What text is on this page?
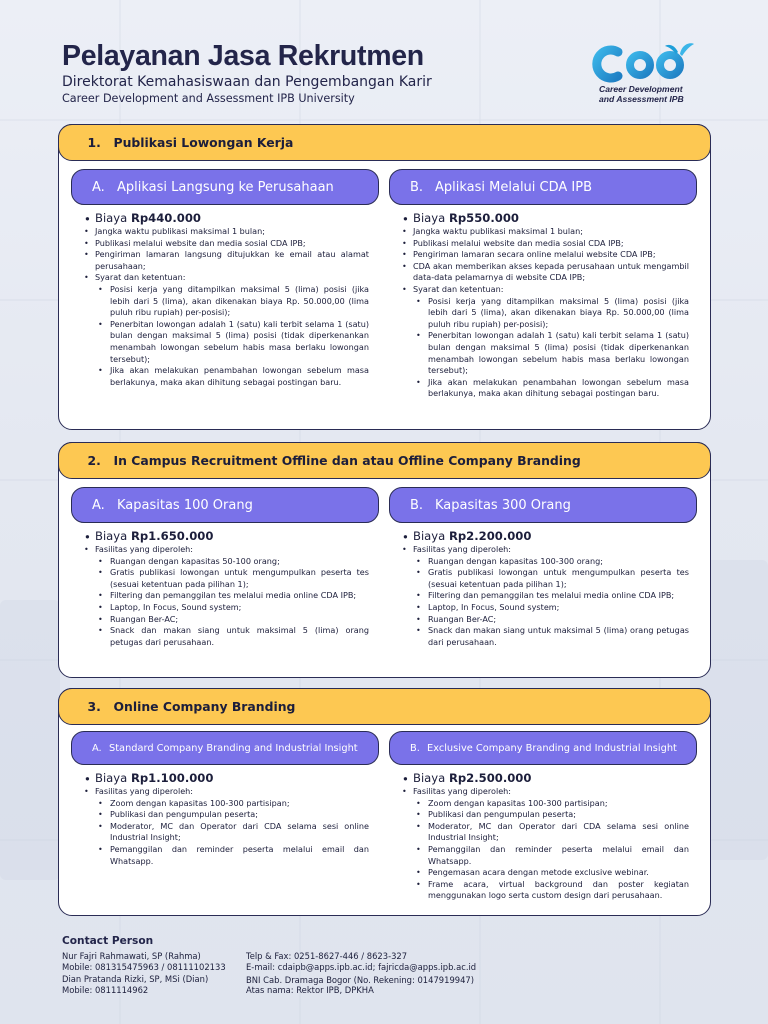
Pelayanan Jasa Rekrutmen
Direktorat Kemahasiswaan dan Pengembangan Karir
Career Development and Assessment IPB University
Career Development
and Assessment IPB
1.	Publikasi Lowongan Kerja
A. Aplikasi Langsung ke Perusahaan	B. Aplikasi Melalui CDA IPB
• Biaya Rp440.000
• Jangka waktu publikasi maksimal 1 bulan;
• Publikasi melalui website dan media sosial CDA IPB;
• Pengiriman lamaran langsung ditujukkan ke email atau alamat perusahaan;
• Syarat dan ketentuan:
• Posisi kerja yang ditampilkan maksimal 5 (lima) posisi (jika lebih dari 5 (lima), akan dikenakan biaya Rp. 50.000,00 (lima puluh ribu rupiah) per-posisi);
• Penerbitan lowongan adalah 1 (satu) kali terbit selama 1 (satu) bulan dengan maksimal 5 (lima) posisi (tidak diperkenankan menambah lowongan sebelum habis masa berlaku lowongan tersebut);
• Jika akan melakukan penambahan lowongan sebelum masa berlakunya, maka akan dihitung sebagai postingan baru.
• Biaya Rp550.000
• Jangka waktu publikasi maksimal 1 bulan;
• Publikasi melalui website dan media sosial CDA IPB;
• Pengiriman lamaran secara online melalui website CDA IPB;
• CDA akan memberikan akses kepada perusahaan untuk mengambil data-data pelamarnya di website CDA IPB;
• Syarat dan ketentuan:
• Posisi kerja yang ditampilkan maksimal 5 (lima) posisi (jika lebih dari 5 (lima), akan dikenakan biaya Rp. 50.000,00 (lima puluh ribu rupiah) per-posisi);
• Penerbitan lowongan adalah 1 (satu) kali terbit selama 1 (satu) bulan dengan maksimal 5 (lima) posisi (tidak diperkenankan menambah lowongan sebelum habis masa berlaku lowongan tersebut);
• Jika akan melakukan penambahan lowongan sebelum masa berlakunya, maka akan dihitung sebagai postingan baru.
2.	In Campus Recruitment Offline dan atau Offline Company Branding
A. Kapasitas 100 Orang	B. Kapasitas 300 Orang
• Biaya Rp1.650.000
• Fasilitas yang diperoleh:
• Ruangan dengan kapasitas 50-100 orang;
• Gratis publikasi lowongan untuk mengumpulkan peserta tes (sesuai ketentuan pada pilihan 1);
• Filtering dan pemanggilan tes melalui media online CDA IPB;
• Laptop, In Focus, Sound system;
• Ruangan Ber-AC;
• Snack dan makan siang untuk maksimal 5 (lima) orang petugas dari perusahaan.
• Biaya Rp2.200.000
• Fasilitas yang diperoleh:
• Ruangan dengan kapasitas 100-300 orang;
• Gratis publikasi lowongan untuk mengumpulkan peserta tes (sesuai ketentuan pada pilihan 1);
• Filtering dan pemanggilan tes melalui media online CDA IPB;
• Laptop, In Focus, Sound system;
• Ruangan Ber-AC;
• Snack dan makan siang untuk maksimal 5 (lima) orang petugas dari perusahaan.
3.	Online Company Branding
A. Standard Company Branding and Industrial Insight	B. Exclusive Company Branding and Industrial Insight
• Biaya Rp1.100.000
• Fasilitas yang diperoleh:
• Zoom dengan kapasitas 100-300 partisipan;
• Publikasi dan pengumpulan peserta;
• Moderator, MC dan Operator dari CDA selama sesi online Industrial Insight;
• Pemanggilan dan reminder peserta melalui email dan Whatsapp.
• Biaya Rp2.500.000
• Fasilitas yang diperoleh:
• Zoom dengan kapasitas 100-300 partisipan;
• Publikasi dan pengumpulan peserta;
• Moderator, MC dan Operator dari CDA selama sesi online Industrial Insight;
• Pemanggilan dan reminder peserta melalui email dan Whatsapp.
• Pengemasan acara dengan metode exclusive webinar.
• Frame acara, virtual background dan poster kegiatan menggunakan logo serta custom design dari perusahaan.
Contact Person
Nur Fajri Rahmawati, SP (Rahma)
Mobile: 081315475963 / 08111102133
Dian Pratanda Rizki, SP, MSi (Dian)
Mobile: 0811114962
Telp & Fax: 0251-8627-446 / 8623-327
E-mail: cdaipb@apps.ipb.ac.id; fajricda@apps.ipb.ac.id
BNI Cab. Dramaga Bogor (No. Rekening: 0147919947)
Atas nama: Rektor IPB, DPKHA
